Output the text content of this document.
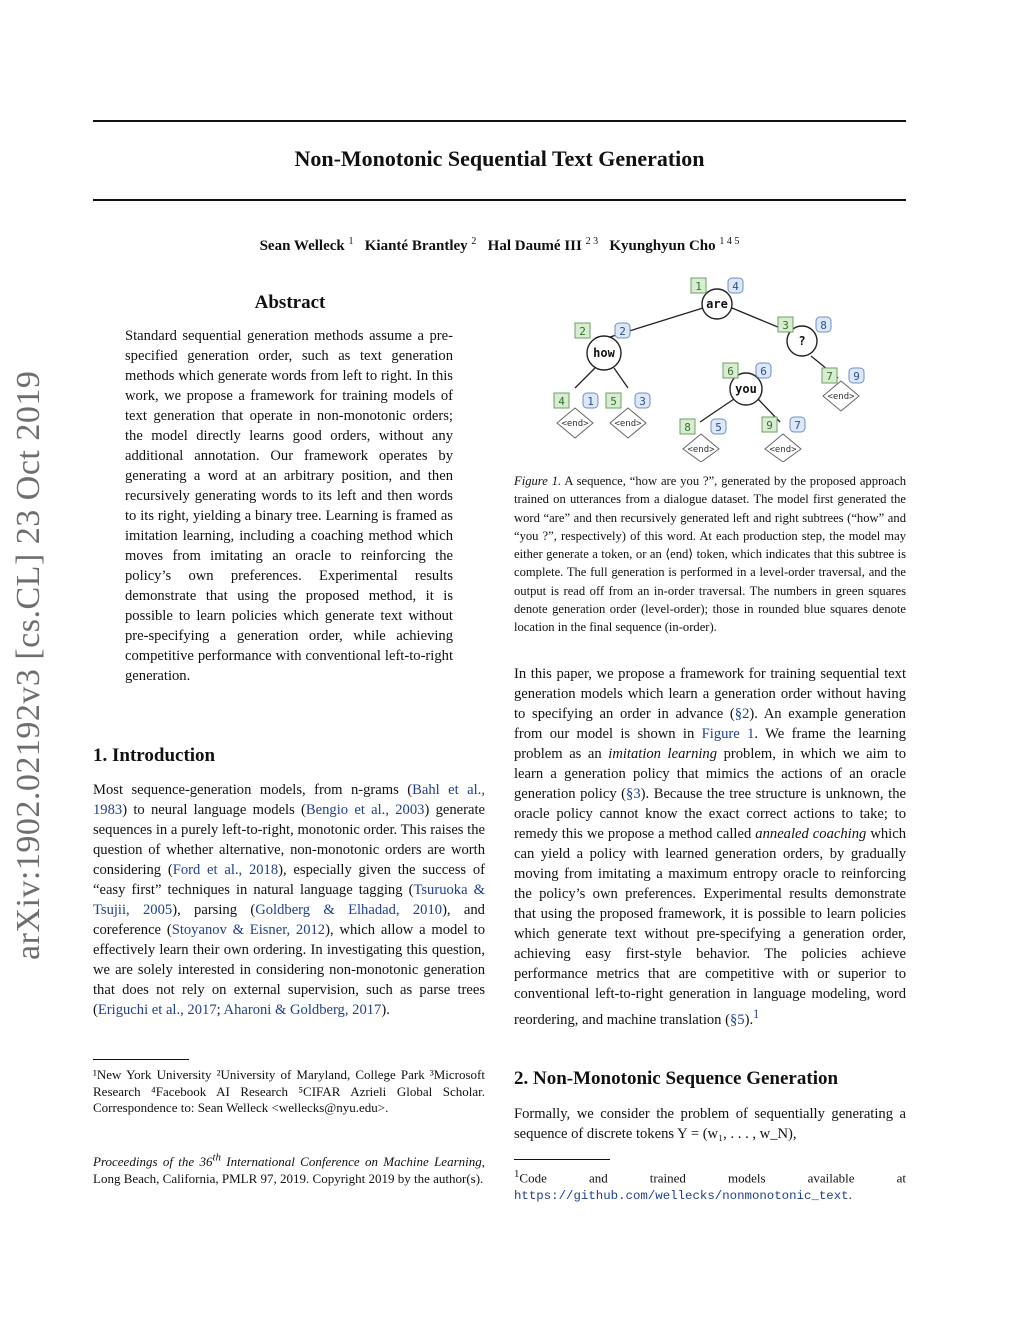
Non-Monotonic Sequential Text Generation
Sean Welleck $^1$ Kianté Brantley $^2$ Hal Daumé III $^{2 3}$ Kyunghyun Cho $^{1 4 5}$
arXiv:1902.02192v3 [cs.CL] 23 Oct 2019
Abstract
Standard sequential generation methods assume a pre-specified generation order, such as text generation methods which generate words from left to right. In this work, we propose a framework for training models of text generation that operate in non-monotonic orders; the model directly learns good orders, without any additional annotation. Our framework operates by generating a word at an arbitrary position, and then recursively generating words to its left and then words to its right, yielding a binary tree. Learning is framed as imitation learning, including a coaching method which moves from imitating an oracle to reinforcing the policy’s own preferences. Experimental results demonstrate that using the proposed method, it is possible to learn policies which generate text without pre-specifying a generation order, while achieving competitive performance with conventional left-to-right generation.
1. Introduction
Most sequence-generation models, from n-grams (Bahl et al., 1983) to neural language models (Bengio et al., 2003) generate sequences in a purely left-to-right, monotonic order. This raises the question of whether alternative, non-monotonic orders are worth considering (Ford et al., 2018), especially given the success of “easy first” techniques in natural language tagging (Tsuruoka & Tsujii, 2005), parsing (Goldberg & Elhadad, 2010), and coreference (Stoyanov & Eisner, 2012), which allow a model to effectively learn their own ordering. In investigating this question, we are solely interested in considering non-monotonic generation that does not rely on external supervision, such as parse trees (Eriguchi et al., 2017; Aharoni & Goldberg, 2017).
¹New York University ²University of Maryland, College Park ³Microsoft Research ⁴Facebook AI Research ⁵CIFAR Azrieli Global Scholar. Correspondence to: Sean Welleck <wellecks@nyu.edu>.
Proceedings of the 36th International Conference on Machine Learning, Long Beach, California, PMLR 97, 2019. Copyright 2019 by the author(s).
are
how
?
you
<end>	<end>
<end>
<end>	<end>
1
2	3
4	5
6	7
8	9
4
2	8
1	3
6	9
5	7
Figure 1. A sequence, “how are you ?”, generated by the proposed approach trained on utterances from a dialogue dataset. The model first generated the word “are” and then recursively generated left and right subtrees (“how” and “you ?”, respectively) of this word. At each production step, the model may either generate a token, or an ⟨end⟩ token, which indicates that this subtree is complete. The full generation is performed in a level-order traversal, and the output is read off from an in-order traversal. The numbers in green squares denote generation order (level-order); those in rounded blue squares denote location in the final sequence (in-order).
In this paper, we propose a framework for training sequential text generation models which learn a generation order without having to specifying an order in advance (§2). An example generation from our model is shown in Figure 1. We frame the learning problem as an imitation learning problem, in which we aim to learn a generation policy that mimics the actions of an oracle generation policy (§3). Because the tree structure is unknown, the oracle policy cannot know the exact correct actions to take; to remedy this we propose a method called annealed coaching which can yield a policy with learned generation orders, by gradually moving from imitating a maximum entropy oracle to reinforcing the policy’s own preferences. Experimental results demonstrate that using the proposed framework, it is possible to learn policies which generate text without pre-specifying a generation order, achieving easy first-style behavior. The policies achieve performance metrics that are competitive with or superior to conventional left-to-right generation in language modeling, word reordering, and machine translation (§5).$^1$
2. Non-Monotonic Sequence Generation
Formally, we consider the problem of sequentially generating a sequence of discrete tokens Y = (w₁, . . . , w_N),
$^1$Code and trained models available at https://github.com/wellecks/nonmonotonic_text.
